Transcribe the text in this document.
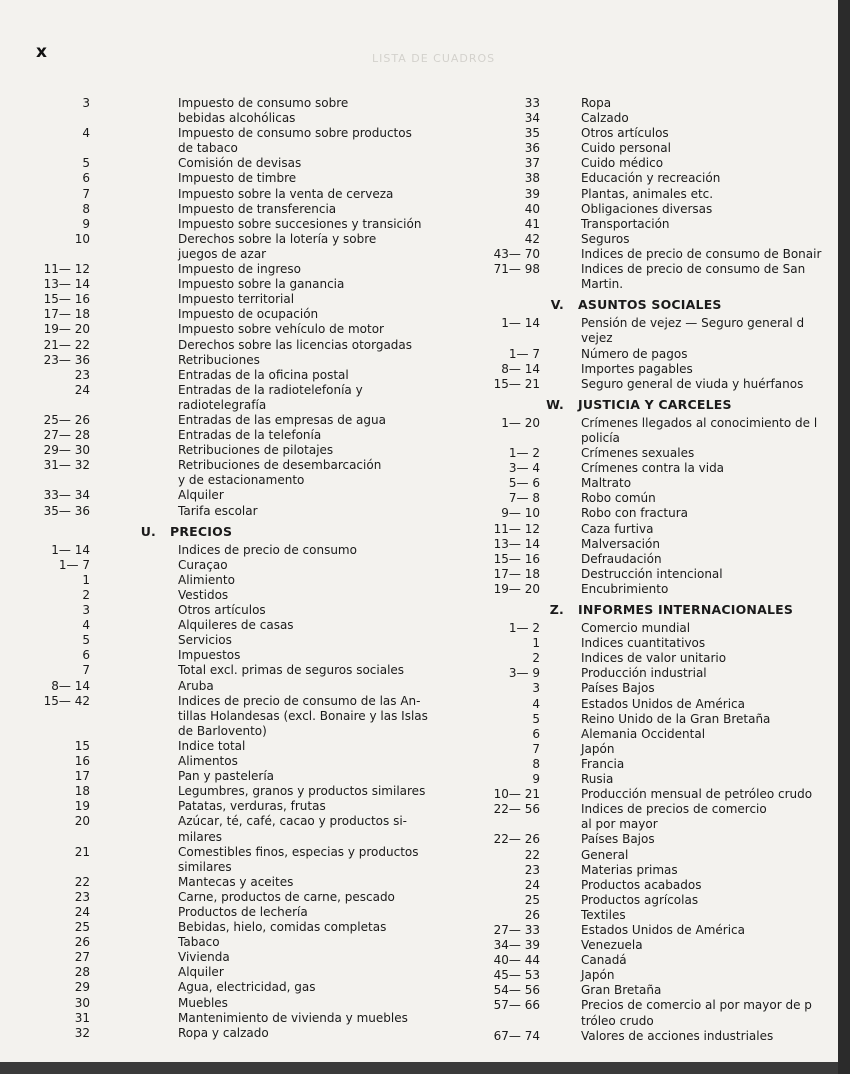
LISTA DE CUADROS
x
3	Impuesto de consumo sobre
bebidas alcohólicas
4	Impuesto de consumo sobre productos
de tabaco
5	Comisión de devisas
6	Impuesto de timbre
7	Impuesto sobre la venta de cerveza
8	Impuesto de transferencia
9	Impuesto sobre succesiones y transición
10	Derechos sobre la lotería y sobre
juegos de azar
11— 12	Impuesto de ingreso
13— 14	Impuesto sobre la ganancia
15— 16	Impuesto territorial
17— 18	Impuesto de ocupación
19— 20	Impuesto sobre vehículo de motor
21— 22	Derechos sobre las licencias otorgadas
23— 36	Retribuciones
23	Entradas de la oficina postal
24	Entradas de la radiotelefonía y
radiotelegrafía
25— 26	Entradas de las empresas de agua
27— 28	Entradas de la telefonía
29— 30	Retribuciones de pilotajes
31— 32	Retribuciones de desembarcación
y de estacionamento
33— 34	Alquiler
35— 36	Tarifa escolar
U. PRECIOS
1— 14	Indices de precio de consumo
1— 7	Curaçao
1	Alimiento
2	Vestidos
3	Otros artículos
4	Alquileres de casas
5	Servicios
6	Impuestos
7	Total excl. primas de seguros sociales
8— 14	Aruba
15— 42	Indices de precio de consumo de las An-
tillas Holandesas (excl. Bonaire y las Islas
de Barlovento)
15	Indice total
16	Alimentos
17	Pan y pastelería
18	Legumbres, granos y productos similares
19	Patatas, verduras, frutas
20	Azúcar, té, café, cacao y productos si-
milares
21	Comestibles finos, especias y productos
similares
22	Mantecas y aceites
23	Carne, productos de carne, pescado
24	Productos de lechería
25	Bebidas, hielo, comidas completas
26	Tabaco
27	Vivienda
28	Alquiler
29	Agua, electricidad, gas
30	Muebles
31	Mantenimiento de vivienda y muebles
32	Ropa y calzado
33	Ropa
34	Calzado
35	Otros artículos
36	Cuido personal
37	Cuido médico
38	Educación y recreación
39	Plantas, animales etc.
40	Obligaciones diversas
41	Transportación
42	Seguros
43— 70	Indices de precio de consumo de Bonair
71— 98	Indices de precio de consumo de San
Martin.
V. ASUNTOS SOCIALES
1— 14	Pensión de vejez — Seguro general d
vejez
1— 7	Número de pagos
8— 14	Importes pagables
15— 21	Seguro general de viuda y huérfanos
W. JUSTICIA Y CARCELES
1— 20	Crímenes llegados al conocimiento de l
policía
1— 2	Crímenes sexuales
3— 4	Crímenes contra la vida
5— 6	Maltrato
7— 8	Robo común
9— 10	Robo con fractura
11— 12	Caza furtiva
13— 14	Malversación
15— 16	Defraudación
17— 18	Destrucción intencional
19— 20	Encubrimiento
Z. INFORMES INTERNACIONALES
1— 2	Comercio mundial
1	Indices cuantitativos
2	Indices de valor unitario
3— 9	Producción industrial
3	Países Bajos
4	Estados Unidos de América
5	Reino Unido de la Gran Bretaña
6	Alemania Occidental
7	Japón
8	Francia
9	Rusia
10— 21	Producción mensual de petróleo crudo
22— 56	Indices de precios de comercio
al por mayor
22— 26	Países Bajos
22	General
23	Materias primas
24	Productos acabados
25	Productos agrícolas
26	Textiles
27— 33	Estados Unidos de América
34— 39	Venezuela
40— 44	Canadá
45— 53	Japón
54— 56	Gran Bretaña
57— 66	Precios de comercio al por mayor de p
tróleo crudo
67— 74	Valores de acciones industriales
